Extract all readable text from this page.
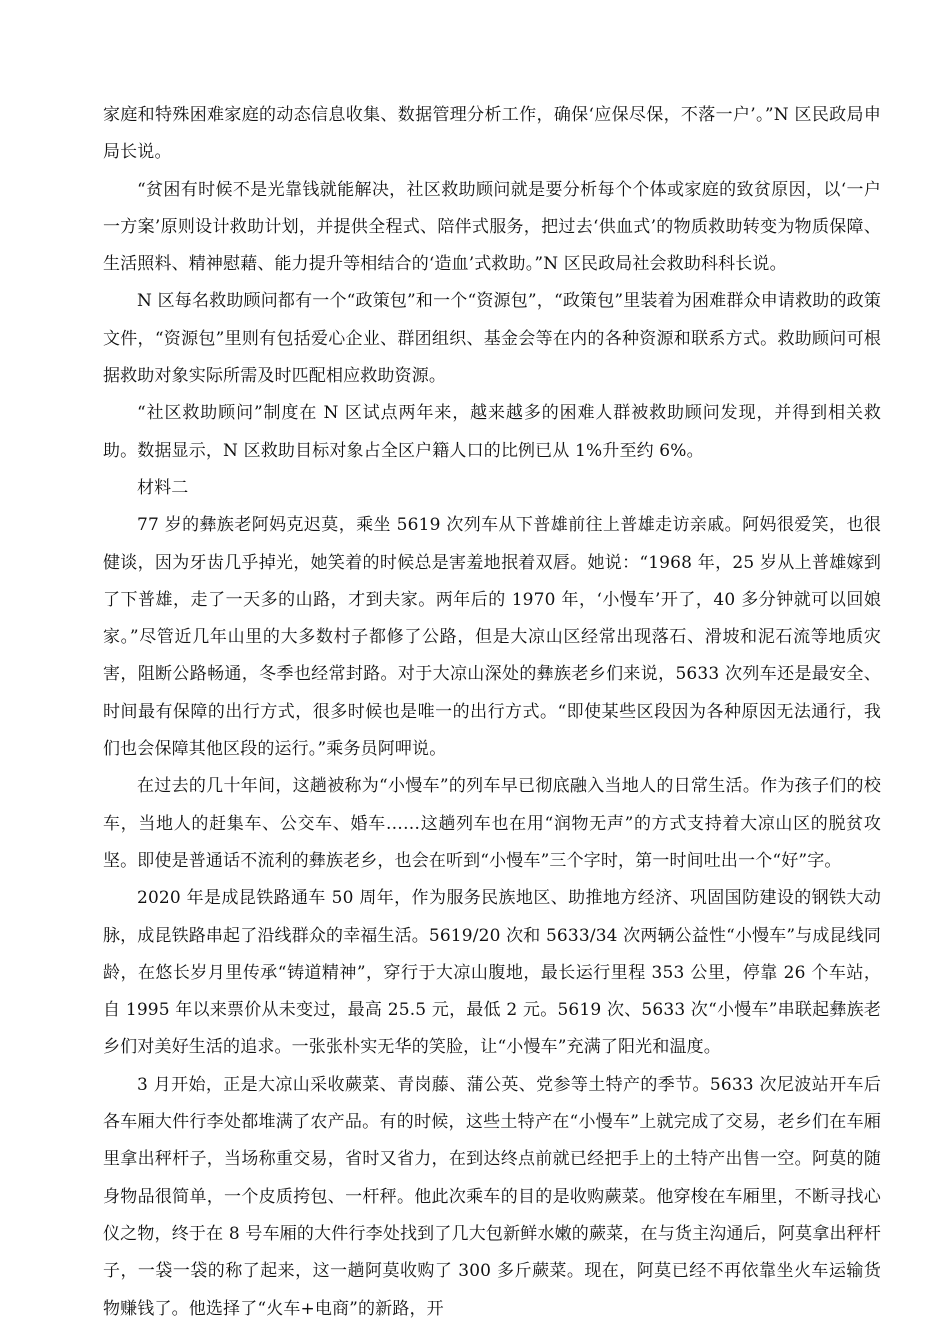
家庭和特殊困难家庭的动态信息收集、数据管理分析工作，确保‘应保尽保，不落一户’。”N 区民政局申局长说。

“贫困有时候不是光靠钱就能解决，社区救助顾问就是要分析每个个体或家庭的致贫原因，以‘一户一方案’原则设计救助计划，并提供全程式、陪伴式服务，把过去‘供血式’的物质救助转变为物质保障、生活照料、精神慰藉、能力提升等相结合的‘造血’式救助。”N 区民政局社会救助科科长说。

N 区每名救助顾问都有一个“政策包”和一个“资源包”，“政策包”里装着为困难群众申请救助的政策文件，“资源包”里则有包括爱心企业、群团组织、基金会等在内的各种资源和联系方式。救助顾问可根据救助对象实际所需及时匹配相应救助资源。

“社区救助顾问”制度在 N 区试点两年来，越来越多的困难人群被救助顾问发现，并得到相关救助。数据显示，N 区救助目标对象占全区户籍人口的比例已从 1%升至约 6%。

材料二

77 岁的彝族老阿妈克迟莫，乘坐 5619 次列车从下普雄前往上普雄走访亲戚。阿妈很爱笑，也很健谈，因为牙齿几乎掉光，她笑着的时候总是害羞地抿着双唇。她说：“1968 年，25 岁从上普雄嫁到了下普雄，走了一天多的山路，才到夫家。两年后的 1970 年，‘小慢车’开了，40 多分钟就可以回娘家。”尽管近几年山里的大多数村子都修了公路，但是大凉山区经常出现落石、滑坡和泥石流等地质灾害，阻断公路畅通，冬季也经常封路。对于大凉山深处的彝族老乡们来说，5633 次列车还是最安全、时间最有保障的出行方式，很多时候也是唯一的出行方式。“即使某些区段因为各种原因无法通行，我们也会保障其他区段的运行。”乘务员阿呷说。

在过去的几十年间，这趟被称为“小慢车”的列车早已彻底融入当地人的日常生活。作为孩子们的校车，当地人的赶集车、公交车、婚车……这趟列车也在用“润物无声”的方式支持着大凉山区的脱贫攻坚。即使是普通话不流利的彝族老乡，也会在听到“小慢车”三个字时，第一时间吐出一个“好”字。

2020 年是成昆铁路通车 50 周年，作为服务民族地区、助推地方经济、巩固国防建设的钢铁大动脉，成昆铁路串起了沿线群众的幸福生活。5619/20 次和 5633/34 次两辆公益性“小慢车”与成昆线同龄，在悠长岁月里传承“铸道精神”，穿行于大凉山腹地，最长运行里程 353 公里，停靠 26 个车站，自 1995 年以来票价从未变过，最高 25.5 元，最低 2 元。5619 次、5633 次“小慢车”串联起彝族老乡们对美好生活的追求。一张张朴实无华的笑脸，让“小慢车”充满了阳光和温度。

3 月开始，正是大凉山采收蕨菜、青岗藤、蒲公英、党参等土特产的季节。5633 次尼波站开车后各车厢大件行李处都堆满了农产品。有的时候，这些土特产在“小慢车”上就完成了交易，老乡们在车厢里拿出秤杆子，当场称重交易，省时又省力，在到达终点前就已经把手上的土特产出售一空。阿莫的随身物品很简单，一个皮质挎包、一杆秤。他此次乘车的目的是收购蕨菜。他穿梭在车厢里，不断寻找心仪之物，终于在 8 号车厢的大件行李处找到了几大包新鲜水嫩的蕨菜，在与货主沟通后，阿莫拿出秤杆子，一袋一袋的称了起来，这一趟阿莫收购了 300 多斤蕨菜。现在，阿莫已经不再依靠坐火车运输货物赚钱了。他选择了“火车+电商”的新路，开
